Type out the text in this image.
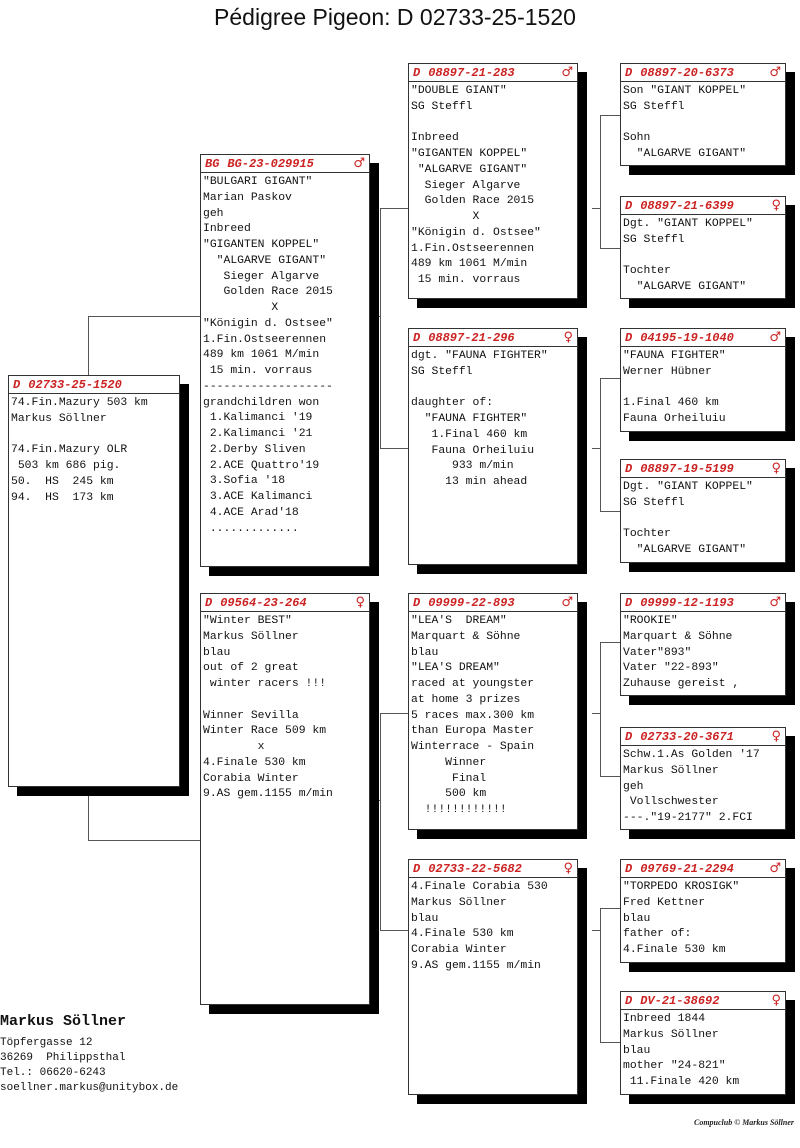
Pédigree Pigeon: D 02733-25-1520
D 02733-25-1520
74.Fin.Mazury 503 km
Markus Söllner
74.Fin.Mazury OLR
503 km 686 pig.
50.  HS  245 km
94.  HS  173 km
BG BG-23-029915	♂
"BULGARI GIGANT"
Marian Paskov
geh
Inbreed
"GIGANTEN KOPPEL"
"ALGARVE GIGANT"
Sieger Algarve
Golden Race 2015
X
"Königin d. Ostsee"
1.Fin.Ostseerennen
489 km 1061 M/min
15 min. vorraus
-------------------
grandchildren won
1.Kalimanci '19
2.Kalimanci '21
2.Derby Sliven
2.ACE Quattro'19
3.Sofia '18
3.ACE Kalimanci
4.ACE Arad'18
.............
D 09564-23-264	♀
"Winter BEST"
Markus Söllner
blau
out of 2 great
winter racers !!!
Winner Sevilla
Winter Race 509 km
x
4.Finale 530 km
Corabia Winter
9.AS gem.1155 m/min
D 08897-21-283	♂
"DOUBLE GIANT"
SG Steffl
Inbreed
"GIGANTEN KOPPEL"
"ALGARVE GIGANT"
Sieger Algarve
Golden Race 2015
X
"Königin d. Ostsee"
1.Fin.Ostseerennen
489 km 1061 M/min
15 min. vorraus
D 08897-21-296	♀
dgt. "FAUNA FIGHTER"
SG Steffl
daughter of:
"FAUNA FIGHTER"
1.Final 460 km
Fauna Orheiluiu
933 m/min
13 min ahead
D 09999-22-893	♂
"LEA'S  DREAM"
Marquart & Söhne
blau
"LEA'S DREAM"
raced at youngster
at home 3 prizes
5 races max.300 km
than Europa Master
Winterrace - Spain
Winner
Final
500 km
!!!!!!!!!!!!
D 02733-22-5682	♀
4.Finale Corabia 530
Markus Söllner
blau
4.Finale 530 km
Corabia Winter
9.AS gem.1155 m/min
D 08897-20-6373	♂
Son "GIANT KOPPEL"
SG Steffl
Sohn
"ALGARVE GIGANT"
D 08897-21-6399	♀
Dgt. "GIANT KOPPEL"
SG Steffl
Tochter
"ALGARVE GIGANT"
D 04195-19-1040	♂
"FAUNA FIGHTER"
Werner Hübner
1.Final 460 km
Fauna Orheiluiu
D 08897-19-5199	♀
Dgt. "GIANT KOPPEL"
SG Steffl
Tochter
"ALGARVE GIGANT"
D 09999-12-1193	♂
"ROOKIE"
Marquart & Söhne
Vater"893"
Vater "22-893"
Zuhause gereist ,
D 02733-20-3671	♀
Schw.1.As Golden '17
Markus Söllner
geh
Vollschwester
---."19-2177" 2.FCI
D 09769-21-2294	♂
"TORPEDO KROSIGK"
Fred Kettner
blau
father of:
4.Finale 530 km
D DV-21-38692	♀
Inbreed 1844
Markus Söllner
blau
mother "24-821"
11.Finale 420 km
Markus Söllner
Töpfergasse 12
36269  Philippsthal
Tel.: 06620-6243
soellner.markus@unitybox.de
Compuclub © Markus Söllner
